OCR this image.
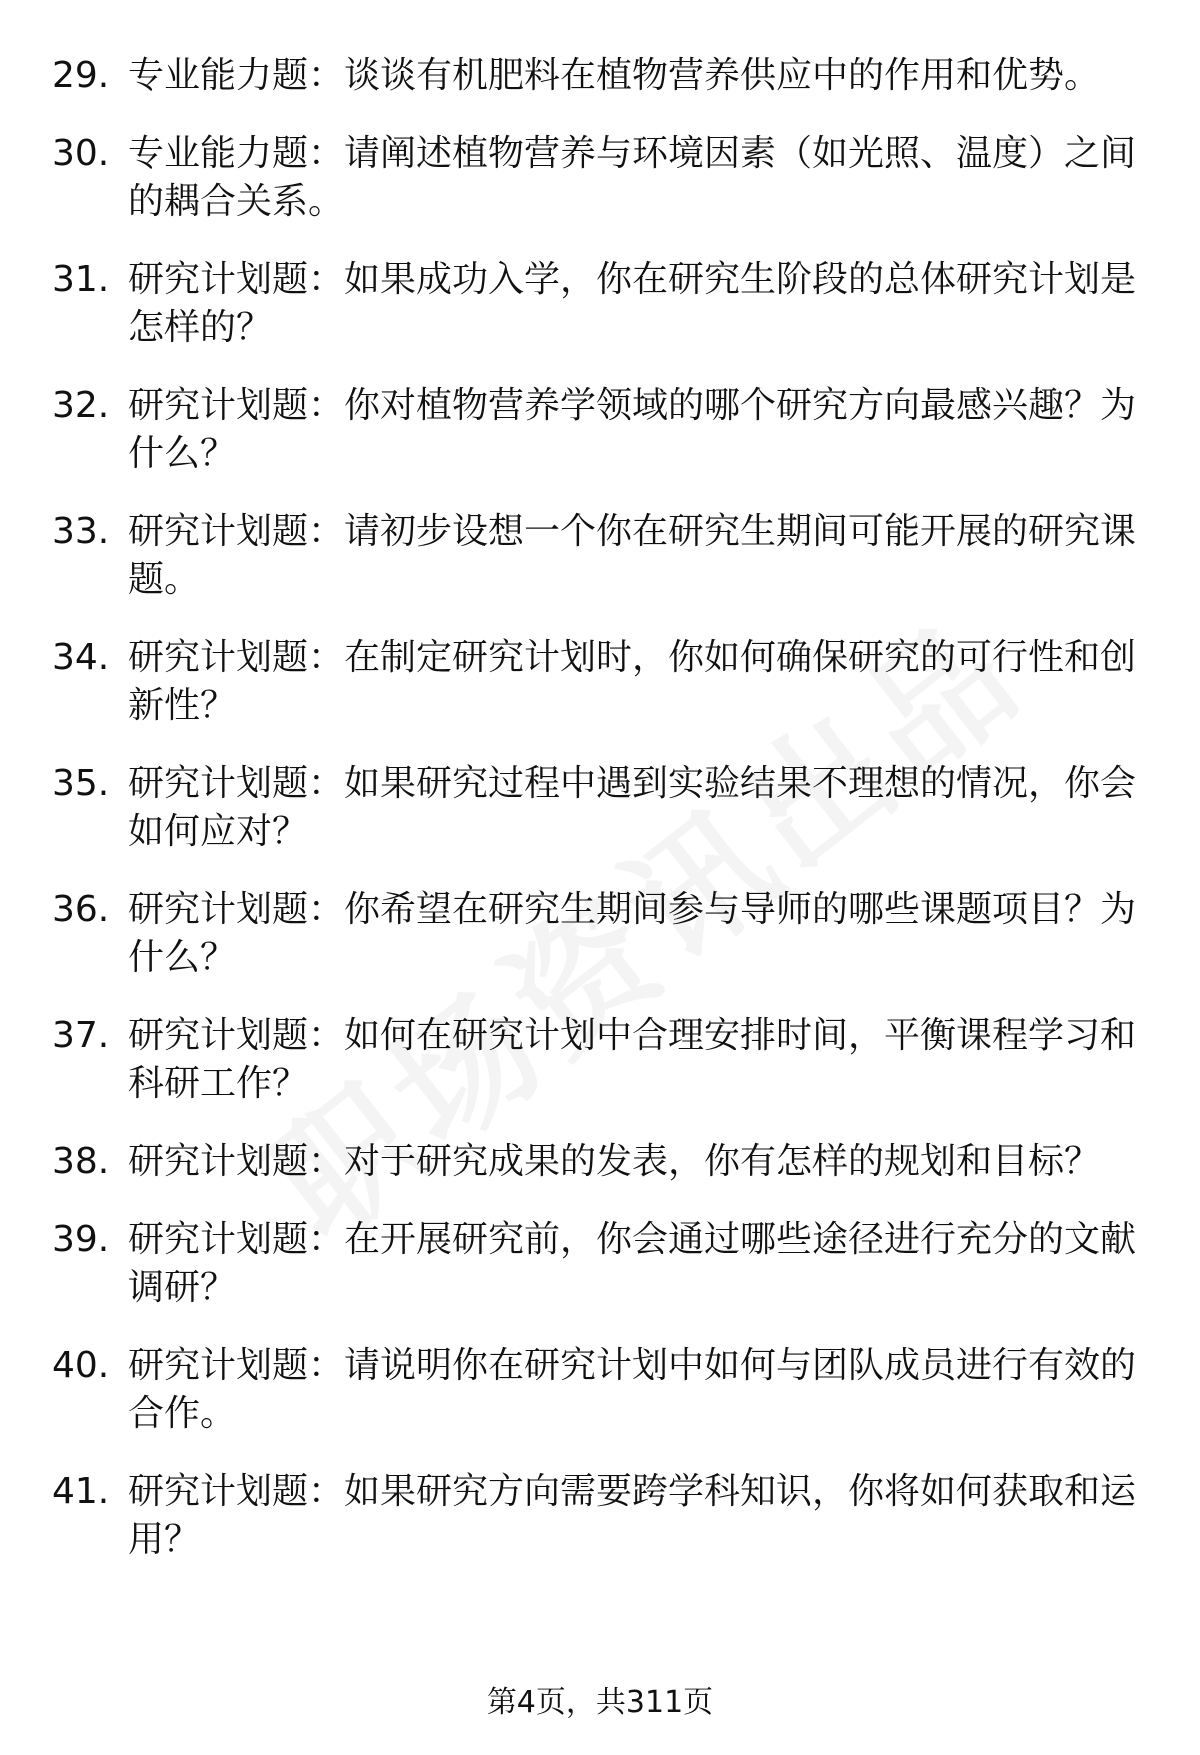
29. 专业能力题：谈谈有机肥料在植物营养供应中的作用和优势。
30. 专业能力题：请阐述植物营养与环境因素（如光照、温度）之间的耦合关系。
31. 研究计划题：如果成功入学，你在研究生阶段的总体研究计划是怎样的？
32. 研究计划题：你对植物营养学领域的哪个研究方向最感兴趣？为什么？
33. 研究计划题：请初步设想一个你在研究生期间可能开展的研究课题。
34. 研究计划题：在制定研究计划时，你如何确保研究的可行性和创新性？
35. 研究计划题：如果研究过程中遇到实验结果不理想的情况，你会如何应对？
36. 研究计划题：你希望在研究生期间参与导师的哪些课题项目？为什么？
37. 研究计划题：如何在研究计划中合理安排时间，平衡课程学习和科研工作？
38. 研究计划题：对于研究成果的发表，你有怎样的规划和目标？
39. 研究计划题：在开展研究前，你会通过哪些途径进行充分的文献调研？
40. 研究计划题：请说明你在研究计划中如何与团队成员进行有效的合作。
41. 研究计划题：如果研究方向需要跨学科知识，你将如何获取和运用？
第4页，共311页
